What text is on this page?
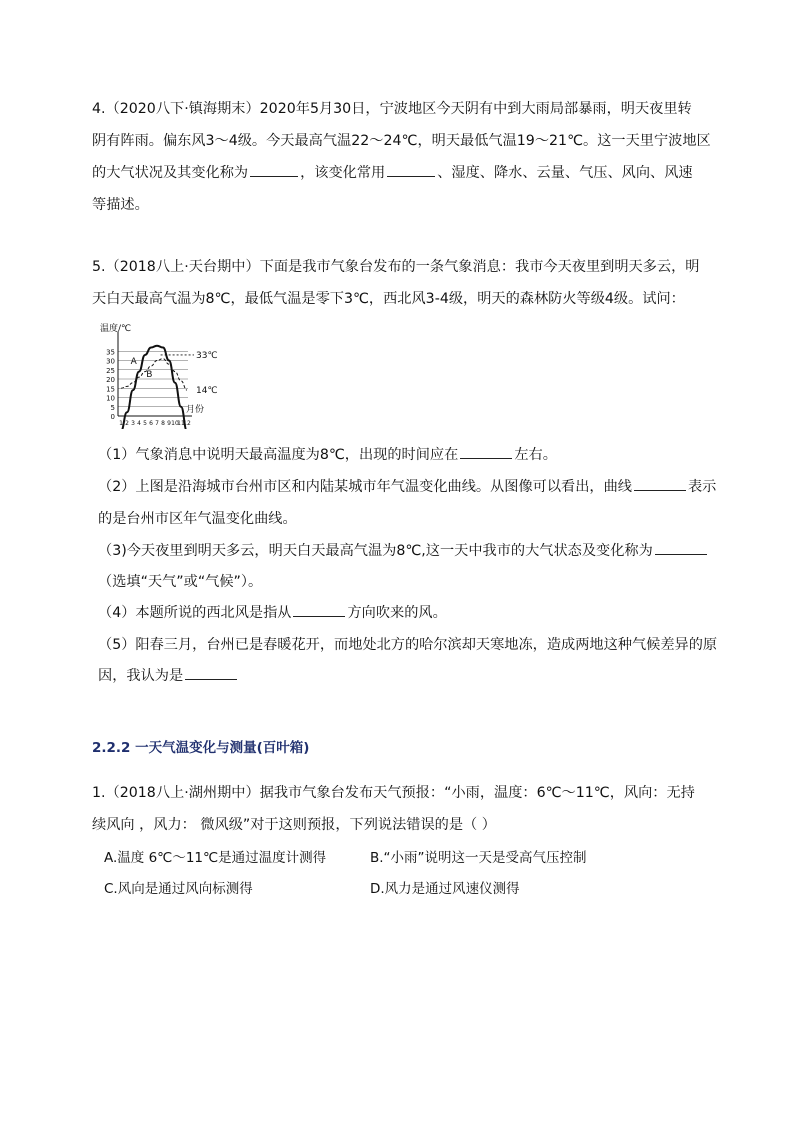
4.（2020八下·镇海期末）2020年5月30日，宁波地区今天阴有中到大雨局部暴雨，明天夜里转
阴有阵雨。偏东风3～4级。今天最高气温22～24℃，明天最低气温19～21℃。这一天里宁波地区
的大气状况及其变化称为	，该变化常用	、湿度、降水、云量、气压、风向、风速
等描述。
5.（2018八上·天台期中）下面是我市气象台发布的一条气象消息：我市今天夜里到明天多云，明
天白天最高气温为8℃，最低气温是零下3℃，西北风3-4级，明天的森林防火等级4级。试问：
35
30
25
20
15
10
5
0
1 2 3 4 5 6 7 8 9 10
11
12
温度/℃
月份
A
B
33℃
14℃
（1）气象消息中说明天最高温度为8℃，出现的时间应在	左右。
（2）上图是沿海城市台州市区和内陆某城市年气温变化曲线。从图像可以看出，曲线	表示
的是台州市区年气温变化曲线。
（3)今天夜里到明天多云，明天白天最高气温为8℃,这一天中我市的大气状态及变化称为
（选填“天气”或“气候”）。
（4）本题所说的西北风是指从	方向吹来的风。
（5）阳春三月，台州已是春暖花开，而地处北方的哈尔滨却天寒地冻，造成两地这种气候差异的原
因，我认为是
2.2.2 一天气温变化与测量(百叶箱)
1.（2018八上·湖州期中）据我市气象台发布天气预报：“小雨，温度：6℃～11℃，风向：无持
续风向 ，风力： 微风级”对于这则预报，下列说法错误的是（ ）
A.温度 6℃～11℃是通过温度计测得	B.“小雨”说明这一天是受高气压控制
C.风向是通过风向标测得	D.风力是通过风速仪测得
